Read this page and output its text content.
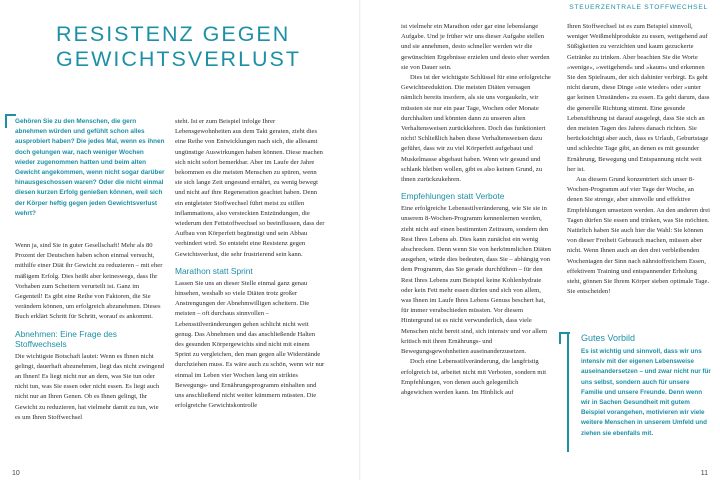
RESISTENZ GEGEN GEWICHTSVERLUST

Gehören Sie zu den Menschen, die gern abnehmen würden und gefühlt schon alles ausprobiert haben? Die jedes Mal, wenn es ihnen doch gelungen war, nach weniger Wochen wieder zugenommen hatten und beim alten Gewicht angekommen, wenn nicht sogar darüber hinausgeschossen waren? Oder die nicht einmal diesen kurzen Erfolg genießen können, weil sich der Körper heftig gegen jeden Gewichtsverlust wehrt?

Wenn ja, sind Sie in guter Gesellschaft! Mehr als 80 Prozent der Deutschen haben schon einmal versucht, mithilfe einer Diät ihr Gewicht zu reduzieren – mit eher mäßigem Erfolg. Dies heißt aber keineswegs, dass Ihr Vorhaben zum Scheitern verurteilt ist. Ganz im Gegenteil! Es gibt eine Reihe von Faktoren, die Sie verändern können, um erfolgreich abzunehmen. Dieses Buch erklärt Schritt für Schritt, worauf es ankommt.

Abnehmen: Eine Frage des Stoffwechsels

Die wichtigste Botschaft lautet: Wenn es Ihnen nicht gelingt, dauerhaft abzunehmen, liegt das nicht zwingend an Ihnen! Es liegt nicht nur an dem, was Sie tun oder nicht tun, was Sie essen oder nicht essen. Es liegt auch nicht nur an Ihren Genen. Ob es Ihnen gelingt, Ihr Gewicht zu reduzieren, hat vielmehr damit zu tun, wie es um Ihren Stoffwechsel

steht. Ist er zum Beispiel infolge Ihrer Lebensgewohnheiten aus dem Takt geraten, zieht dies eine Reihe von Entwicklungen nach sich, die allesamt ungünstige Auswirkungen haben können. Diese machen sich nicht sofort bemerkbar. Aber im Laufe der Jahre bekommen es die meisten Menschen zu spüren, wenn sie sich lange Zeit ungesund ernährt, zu wenig bewegt und nicht auf ihre Regeneration geachtet haben. Denn ein entgleister Stoffwechsel führt meist zu stillen inflammations, also versteckten Entzündungen, die wiederum den Fettstoffwechsel so beeinflussen, dass der Aufbau von Körperfett begünstigt und sein Abbau verhindert wird. So entsteht eine Resistenz gegen Gewichtsverlust, die sehr frustrierend sein kann.

Marathon statt Sprint

Lassen Sie uns an dieser Stelle einmal ganz genau hinsehen, weshalb so viele Diäten trotz großer Anstrengungen der Abnehmwilligen scheitern. Die meisten – oft durchaus sinnvollen – Lebensstilveränderungen gehen schlicht nicht weit genug. Das Abnehmen und das anschließende Halten des gesunden Körpergewichts sind nicht mit einem Sprint zu vergleichen, den man gegen alle Widerstände durchziehen muss. Es wäre auch zu schön, wenn wir nur einmal im Leben vier Wochen lang ein striktes Bewegungs- und Ernährungsprogramm einhalten und uns anschließend nicht weiter kümmern müssten. Die erfolgreiche Gewichtskontrolle

10
STEUERZENTRALE STOFFWECHSEL

ist vielmehr ein Marathon oder gar eine lebenslange Aufgabe. Und je früher wir uns dieser Aufgabe stellen und sie annehmen, desto schneller werden wir die gewünschten Ergebnisse erzielen und desto eher werden sie von Dauer sein.

Dies ist der wichtigste Schlüssel für eine erfolgreiche Gewichtsreduktion. Die meisten Diäten versagen nämlich bereits insofern, als sie uns vorgaukeln, wir müssten sie nur ein paar Tage, Wochen oder Monate durchhalten und könnten dann zu unseren alten Verhaltensweisen zurückkehren. Doch das funktioniert nicht! Schließlich haben diese Verhaltensweisen dazu geführt, dass wir zu viel Körperfett aufgebaut und Muskelmasse abgebaut haben. Wenn wir gesund und schlank bleiben wollen, gibt es also keinen Grund, zu ihnen zurückzukehren.

Empfehlungen statt Verbote

Eine erfolgreiche Lebensstilveränderung, wie Sie sie in unserem 8-Wochen-Programm kennenlernen werden, zieht nicht auf einen bestimmten Zeitraum, sondern den Rest Ihres Lebens ab. Dies kann zunächst ein wenig abschrecken. Denn wenn Sie von herkömmlichen Diäten ausgehen, würde dies bedeuten, dass Sie – abhängig von dem Programm, das Sie gerade durchführen – für den Rest Ihres Lebens zum Beispiel keine Kohlenhydrate oder kein Fett mehr essen dürfen und sich von allem, was Ihnen im Laufe Ihres Lebens Genuss beschert hat, für immer verabschieden müssten. Vor diesem Hintergrund ist es nicht verwunderlich, dass viele Menschen nicht bereit sind, sich intensiv und vor allem kritisch mit ihren Ernährungs- und Bewegungsgewohnheiten auseinanderzusetzen.

Doch eine Lebensstilveränderung, die langfristig erfolgreich ist, arbeitet nicht mit Verboten, sondern mit Empfehlungen, von denen auch gelegentlich abgewichen werden kann. Im Hinblick auf

Ihren Stoffwechsel ist es zum Beispiel sinnvoll, weniger Weißmehlprodukte zu essen, weitgehend auf Süßigkeiten zu verzichten und kaum gezuckerte Getränke zu trinken. Aber beachten Sie die Worte »wenige«, »weitgehend« und »kaum« und erkennen Sie den Spielraum, der sich dahinter verbirgt. Es geht nicht darum, diese Dinge »nie wieder« oder »unter gar keinen Umständen« zu essen. Es geht darum, dass die generelle Richtung stimmt. Eine gesunde Lebensführung ist darauf ausgelegt, dass Sie sich an den meisten Tagen des Jahres danach richten. Sie berücksichtigt aber auch, dass es Urlaub, Geburtstage und schlechte Tage gibt, an denen es mit gesunder Ernährung, Bewegung und Entspannung nicht weit her ist.

Aus diesem Grund konzentriert sich unser 8-Wochen-Programm auf vier Tage der Woche, an denen Sie strenge, aber sinnvolle und effektive Empfehlungen umsetzen werden. An den anderen drei Tagen dürfen Sie essen und trinken, was Sie möchten. Natürlich haben Sie auch hier die Wahl: Sie können von dieser Freiheit Gebrauch machen, müssen aber nicht. Wenn Ihnen auch an den drei verbleibenden Wochentagen der Sinn nach nährstoffreichem Essen, effektivem Training und entspannender Erholung steht, gönnen Sie Ihrem Körper sieben optimale Tage. Sie entscheiden!

Gutes Vorbild

Es ist wichtig und sinnvoll, dass wir uns intensiv mit der eigenen Lebensweise auseinandersetzen – und zwar nicht nur für uns selbst, sondern auch für unsere Familie und unsere Freunde. Denn wenn wir in Sachen Gesundheit mit gutem Beispiel vorangehen, motivieren wir viele weitere Menschen in unserem Umfeld und ziehen sie ebenfalls mit.

11
